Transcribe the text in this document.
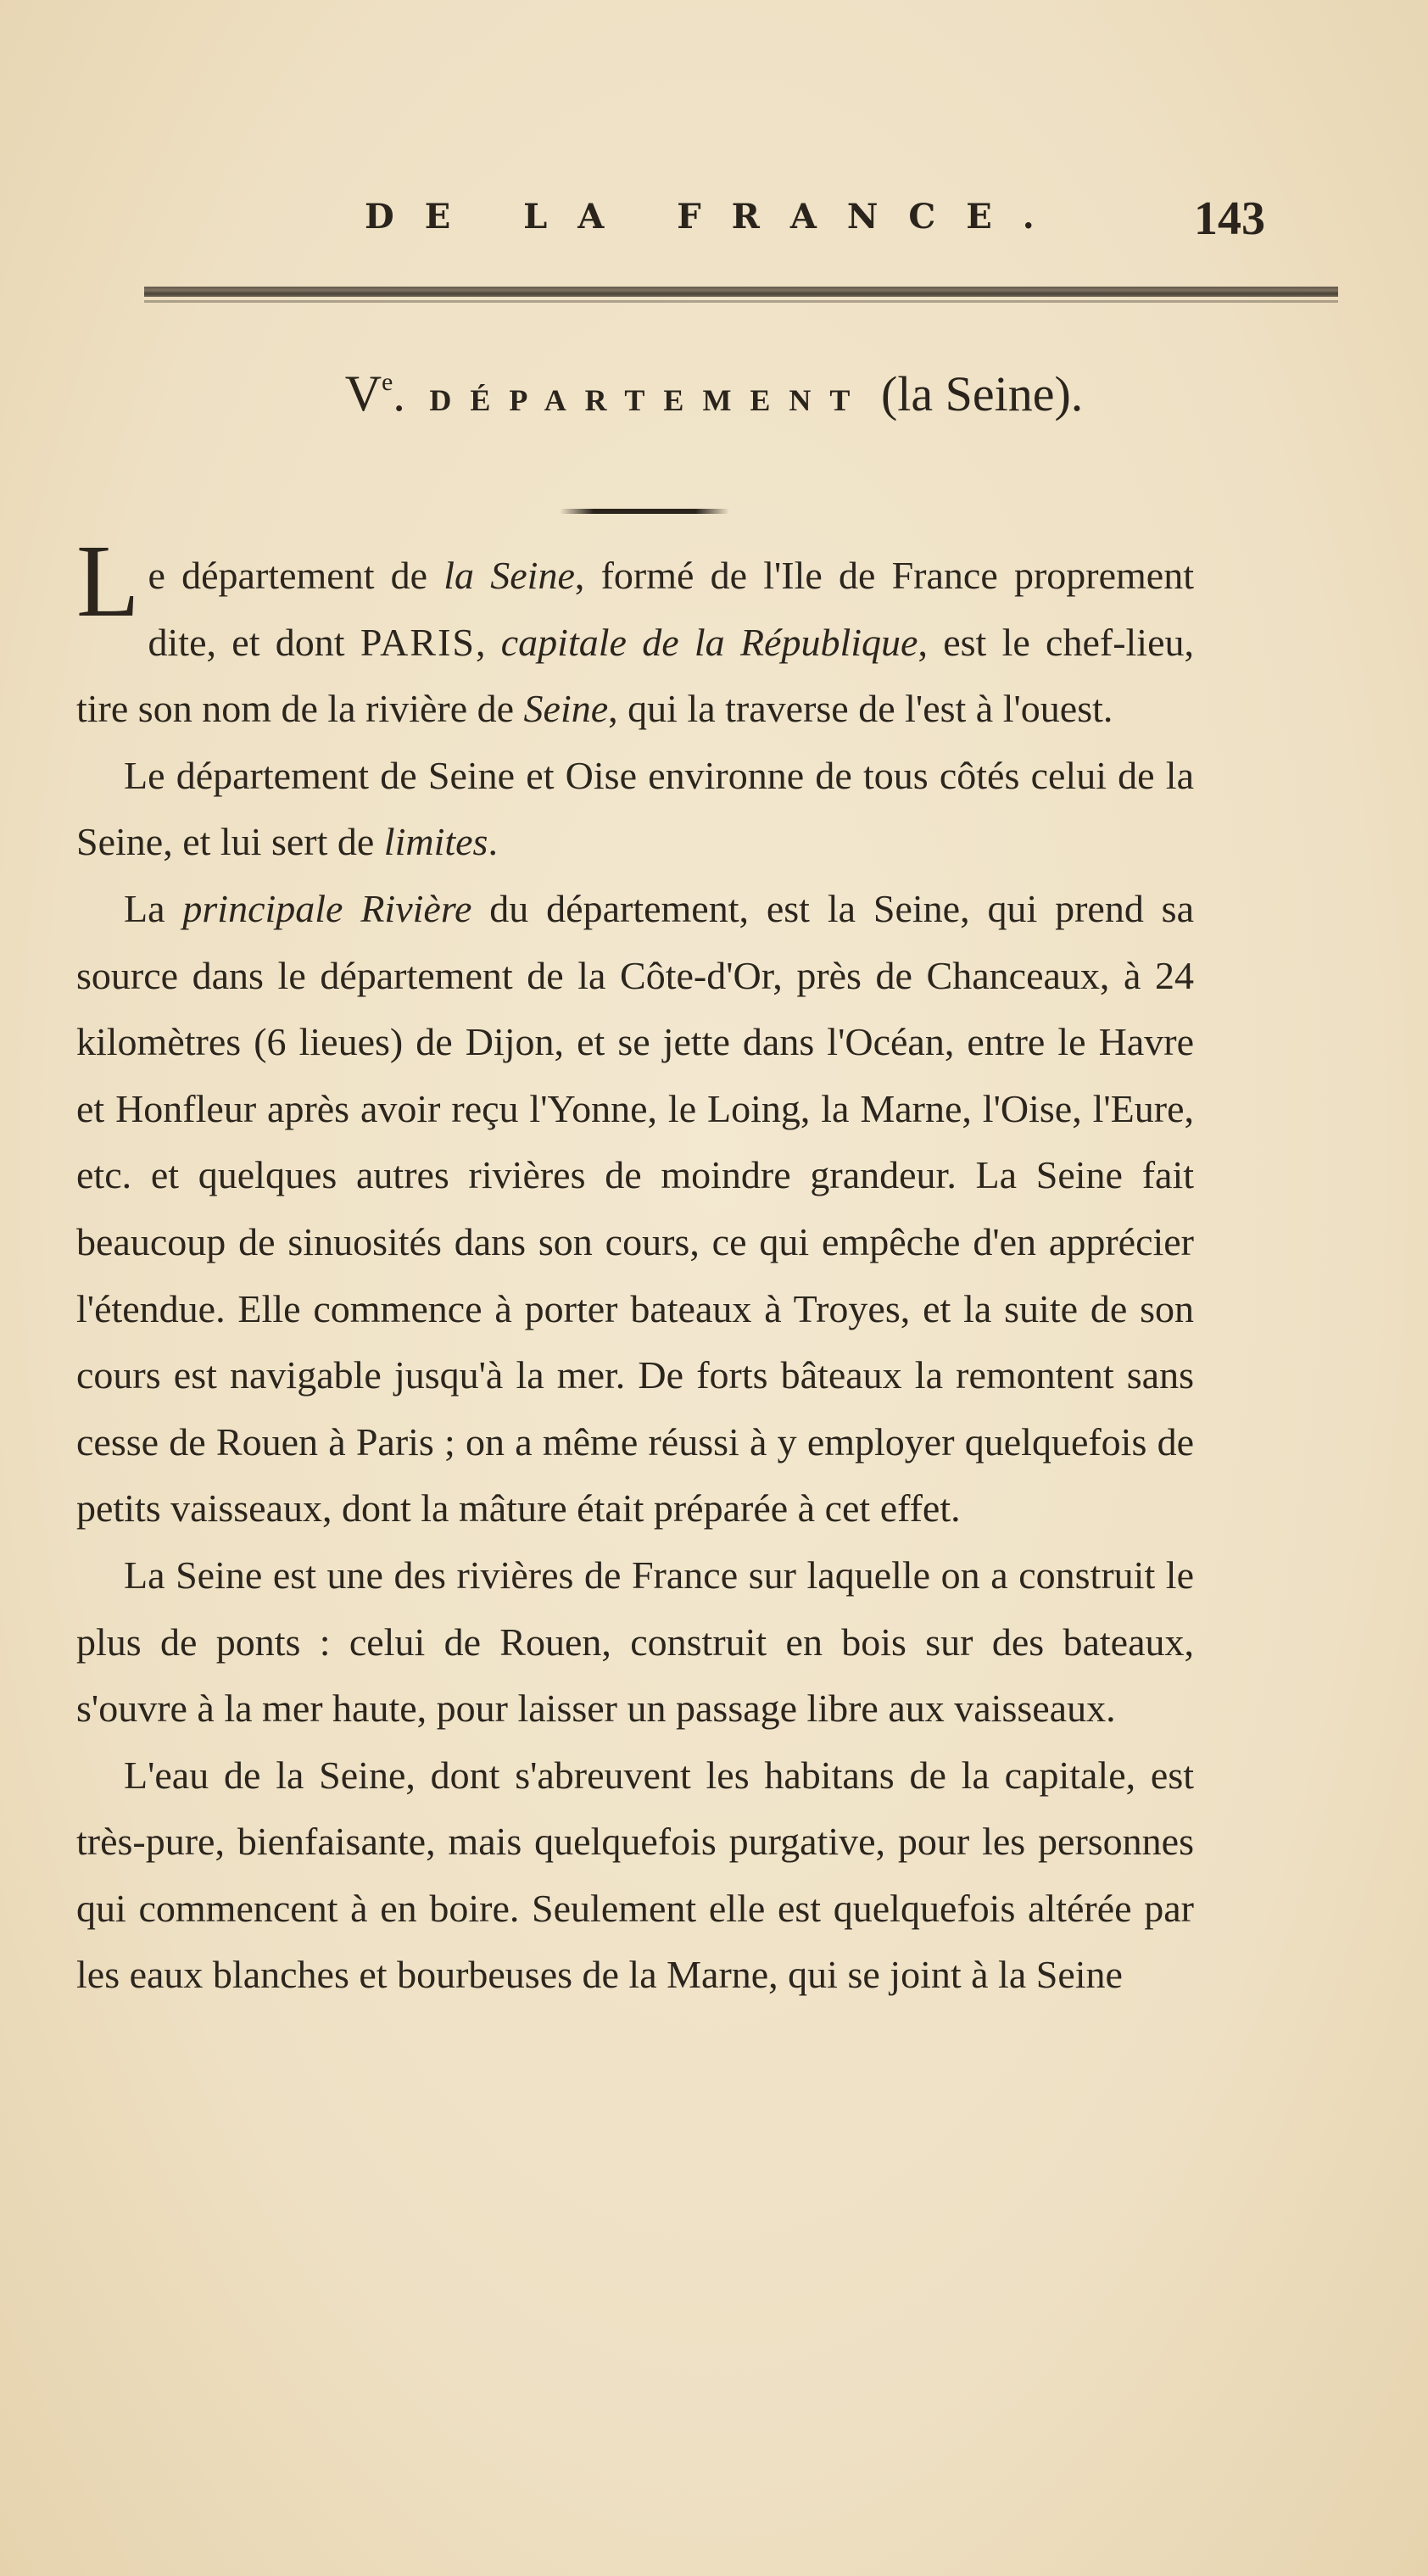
DE LA FRANCE.	143
Ve. DÉPARTEMENT (la Seine).

Le département de la Seine, formé de l'Ile de France proprement dite, et dont PARIS, capitale de la République, est le chef-lieu, tire son nom de la rivière de Seine, qui la traverse de l'est à l'ouest.

Le département de Seine et Oise environne de tous côtés celui de la Seine, et lui sert de limites.

La principale Rivière du département, est la Seine, qui prend sa source dans le département de la Côte-d'Or, près de Chanceaux, à 24 kilomètres (6 lieues) de Dijon, et se jette dans l'Océan, entre le Havre et Honfleur après avoir reçu l'Yonne, le Loing, la Marne, l'Oise, l'Eure, etc. et quelques autres rivières de moindre grandeur. La Seine fait beaucoup de sinuosités dans son cours, ce qui empêche d'en apprécier l'étendue. Elle commence à porter bateaux à Troyes, et la suite de son cours est navigable jusqu'à la mer. De forts bâteaux la remontent sans cesse de Rouen à Paris ; on a même réussi à y employer quelquefois de petits vaisseaux, dont la mâture était préparée à cet effet.

La Seine est une des rivières de France sur laquelle on a construit le plus de ponts : celui de Rouen, construit en bois sur des bateaux, s'ouvre à la mer haute, pour laisser un passage libre aux vaisseaux.

L'eau de la Seine, dont s'abreuvent les habitans de la capitale, est très-pure, bienfaisante, mais quelquefois purgative, pour les personnes qui commencent à en boire. Seulement elle est quelquefois altérée par les eaux blanches et bourbeuses de la Marne, qui se joint à la Seine
